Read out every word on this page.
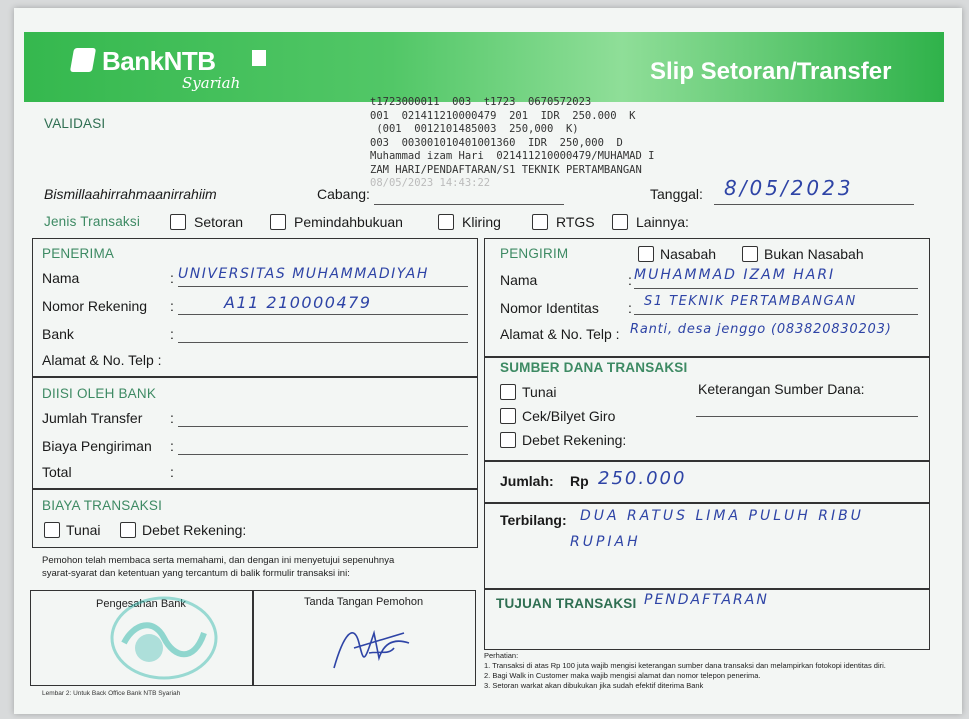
BankNTB
Syariah	Slip Setoran/Transfer
VALIDASI
t1723000011  003  t1723  0670572023
001  021411210000479  201  IDR  250.000  K
(001  0012101485003  250,000  K)
003  003001010401001360  IDR  250,000  D
Muhammad izam Hari  021411210000479/MUHAMAD I
ZAM HARI/PENDAFTARAN/S1 TEKNIK PERTAMBANGAN
08/05/2023 14:43:22
Bismillaahirrahmaanirrahiim	Cabang:	Tanggal: 8/05/2023
Jenis Transaksi	Setoran	Pemindahbukuan	Kliring	RTGS	Lainnya:
PENERIMA
Nama	: UNIVERSITAS MUHAMMADIYAH
Nomor Rekening :	A11 210000479
Bank	:
Alamat & No. Telp :
DIISI OLEH BANK
Jumlah Transfer :
Biaya Pengiriman :
Total	:
BIAYA TRANSAKSI
Tunai	Debet Rekening:
Pemohon telah membaca serta memahami, dan dengan ini menyetujui sepenuhnya
syarat-syarat dan ketentuan yang tercantum di balik formulir transaksi ini:
Pengesahan Bank	Tanda Tangan Pemohon
Lembar 2: Untuk Back Office Bank NTB Syariah
PENGIRIM	Nasabah	Bukan Nasabah
Nama	: MUHAMMAD IZAM HARI
Nomor Identitas : S1 TEKNIK PERTAMBANGAN
Alamat & No. Telp : Ranti, desa jenggo (083820830203)
SUMBER DANA TRANSAKSI
Tunai
Cek/Bilyet Giro
Debet Rekening:
Keterangan Sumber Dana:
Jumlah: Rp 250.000
Terbilang: DUA RATUS LIMA PULUH RIBU
RUPIAH
TUJUAN TRANSAKSI PENDAFTARAN
Perhatian:
1. Transaksi di atas Rp 100 juta wajib mengisi keterangan sumber dana transaksi dan melampirkan fotokopi identitas diri.
2. Bagi Walk in Customer maka wajib mengisi alamat dan nomor telepon penerima.
3. Setoran warkat akan dibukukan jika sudah efektif diterima Bank
